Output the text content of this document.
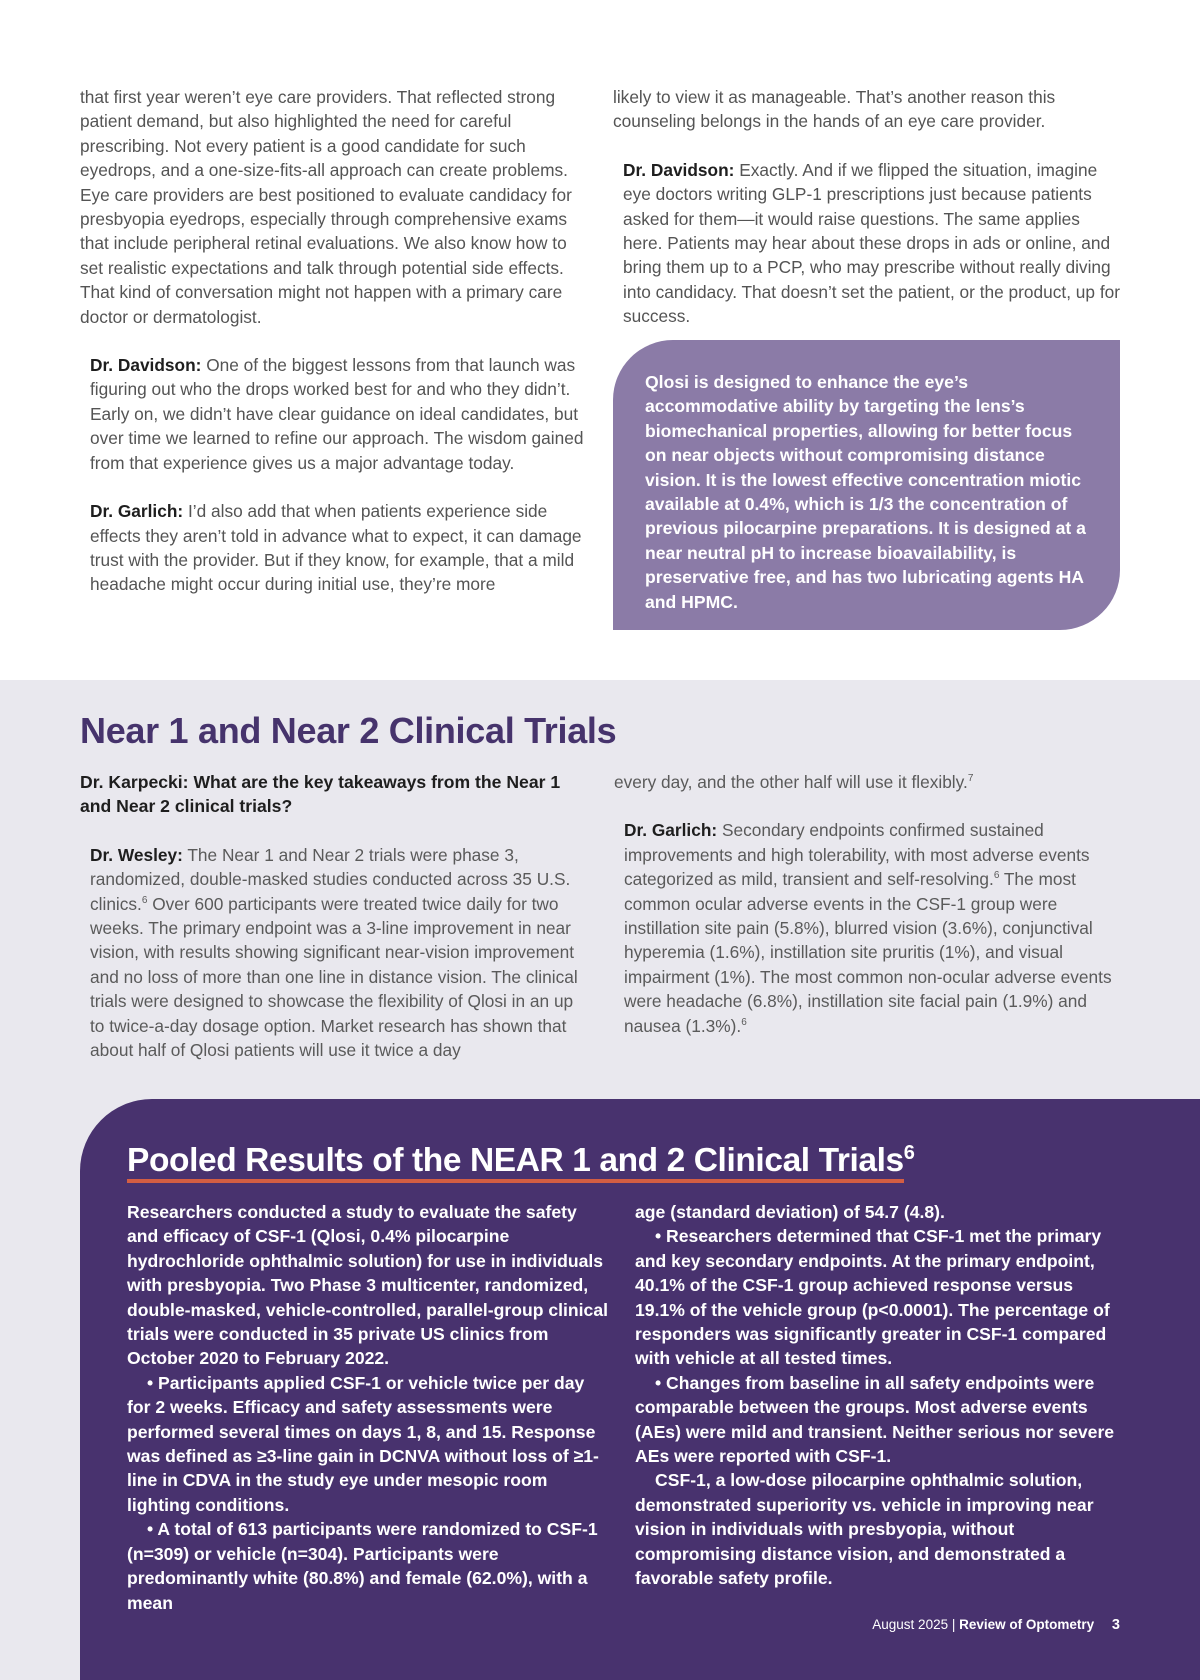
that first year weren’t eye care providers. That reflected strong patient demand, but also highlighted the need for careful prescribing. Not every patient is a good candidate for such eyedrops, and a one-size-fits-all approach can create problems. Eye care providers are best positioned to evaluate candidacy for presbyopia eyedrops, especially through comprehensive exams that include peripheral retinal evaluations. We also know how to set realistic expectations and talk through potential side effects. That kind of conversation might not happen with a primary care doctor or dermatologist.

Dr. Davidson: One of the biggest lessons from that launch was figuring out who the drops worked best for and who they didn’t. Early on, we didn’t have clear guidance on ideal candidates, but over time we learned to refine our approach. The wisdom gained from that experience gives us a major advantage today.

Dr. Garlich: I’d also add that when patients experience side effects they aren’t told in advance what to expect, it can damage trust with the provider. But if they know, for example, that a mild headache might occur during initial use, they’re more

likely to view it as manageable. That’s another reason this counseling belongs in the hands of an eye care provider.

Dr. Davidson: Exactly. And if we flipped the situation, imagine eye doctors writing GLP-1 prescriptions just because patients asked for them—it would raise questions. The same applies here. Patients may hear about these drops in ads or online, and bring them up to a PCP, who may prescribe without really diving into candidacy. That doesn’t set the patient, or the product, up for success.

Qlosi is designed to enhance the eye’s accommodative ability by targeting the lens’s biomechanical properties, allowing for better focus on near objects without compromising distance vision. It is the lowest effective concentration miotic available at 0.4%, which is 1/3 the concentration of previous pilocarpine preparations. It is designed at a near neutral pH to increase bioavailability, is preservative free, and has two lubricating agents HA and HPMC.

Near 1 and Near 2 Clinical Trials

Dr. Karpecki: What are the key takeaways from the Near 1 and Near 2 clinical trials?

Dr. Wesley: The Near 1 and Near 2 trials were phase 3, randomized, double-masked studies conducted across 35 U.S. clinics.$^6$ Over 600 participants were treated twice daily for two weeks. The primary endpoint was a 3-line improvement in near vision, with results showing significant near-vision improvement and no loss of more than one line in distance vision. The clinical trials were designed to showcase the flexibility of Qlosi in an up to twice-a-day dosage option. Market research has shown that about half of Qlosi patients will use it twice a day

every day, and the other half will use it flexibly.$^7$

Dr. Garlich: Secondary endpoints confirmed sustained improvements and high tolerability, with most adverse events categorized as mild, transient and self-resolving.$^6$ The most common ocular adverse events in the CSF-1 group were instillation site pain (5.8%), blurred vision (3.6%), conjunctival hyperemia (1.6%), instillation site pruritis (1%), and visual impairment (1%). The most common non-ocular adverse events were headache (6.8%), instillation site facial pain (1.9%) and nausea (1.3%).$^6$

Pooled Results of the NEAR 1 and 2 Clinical Trials$^6$

Researchers conducted a study to evaluate the safety and efficacy of CSF-1 (Qlosi, 0.4% pilocarpine hydrochloride ophthalmic solution) for use in individuals with presbyopia. Two Phase 3 multicenter, randomized, double-masked, vehicle-controlled, parallel-group clinical trials were conducted in 35 private US clinics from October 2020 to February 2022.

• Participants applied CSF-1 or vehicle twice per day for 2 weeks. Efficacy and safety assessments were performed several times on days 1, 8, and 15. Response was defined as ≥3-line gain in DCNVA without loss of ≥1-line in CDVA in the study eye under mesopic room lighting conditions.

• A total of 613 participants were randomized to CSF-1 (n=309) or vehicle (n=304). Participants were predominantly white (80.8%) and female (62.0%), with a mean

age (standard deviation) of 54.7 (4.8).

• Researchers determined that CSF-1 met the primary and key secondary endpoints. At the primary endpoint, 40.1% of the CSF-1 group achieved response versus 19.1% of the vehicle group (p<0.0001). The percentage of responders was significantly greater in CSF-1 compared with vehicle at all tested times.

• Changes from baseline in all safety endpoints were comparable between the groups. Most adverse events (AEs) were mild and transient. Neither serious nor severe AEs were reported with CSF-1.

CSF-1, a low-dose pilocarpine ophthalmic solution, demonstrated superiority vs. vehicle in improving near vision in individuals with presbyopia, without compromising distance vision, and demonstrated a favorable safety profile.

August 2025 | Review of Optometry 3
